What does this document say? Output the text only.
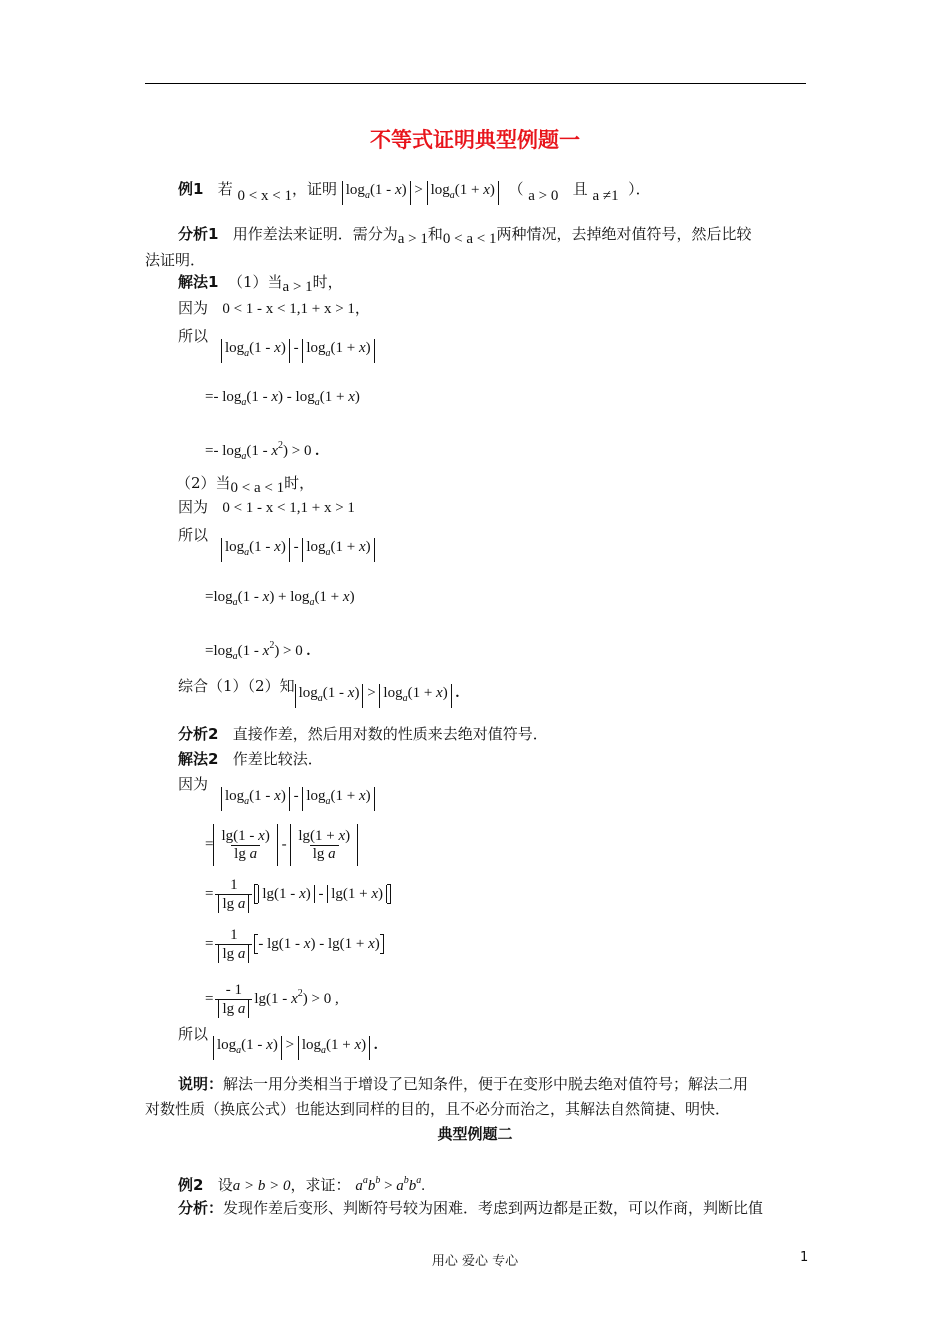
不等式证明典型例题一
例1 若 0 < x < 1，证明 $\log_a(1 - x) > \log_a(1 + x)$ （ a > 0 且 a ≠1 ）．
分析1 用作差法来证明．需分为a > 1和0 < a < 1两种情况，去掉绝对值符号，然后比较
法证明．
解法1 （1）当a > 1时，
因为 0 < 1 - x < 1,1 + x > 1，
所以
$\log_a(1 - x) - \log_a(1 + x)$
=- $\log_a(1 - x) - \log_a(1 + x)$
=- $\log_a(1 - x^2) > 0$ .
（2）当0 < a < 1时，
因为 0 < 1 - x < 1,1 + x > 1
所以
$\log_a(1 - x) - \log_a(1 + x)$
$=\log_a(1 - x) + \log_a(1 + x)$
$=\log_a(1 - x^2) > 0$ .
综合（1）（2）知 $\log_a(1 - x) > \log_a(1 + x)$ .
分析2 直接作差，然后用对数的性质来去绝对值符号．
解法2 作差比较法．
因为
$\log_a(1 - x) - \log_a(1 + x)$
= $\frac{\lg(1 - x)}{\text{lg a}} - \frac{\lg(1 + x)}{\text{lg a}}$
= $\frac{1}{\text{lg a}} \lg(1 - x) - \lg(1 + x)$
= $\frac{1}{\text{lg a}} - \lg(1 - x) - \lg(1 + x)$
= $\frac{- 1}{\text{lg a}} \lg(1 - x^2) > 0$ ,
所以
$\log_a(1 - x) > \log_a(1 + x)$ .
说明：解法一用分类相当于增设了已知条件，便于在变形中脱去绝对值符号；解法二用
对数性质（换底公式）也能达到同样的目的，且不必分而治之，其解法自然简捷、明快．
典型例题二
例2 设a > b > 0，求证： $a^ab^b > a^bb^a$.
分析：发现作差后变形、判断符号较为困难．考虑到两边都是正数，可以作商，判断比值
用心 爱心 专心	1
